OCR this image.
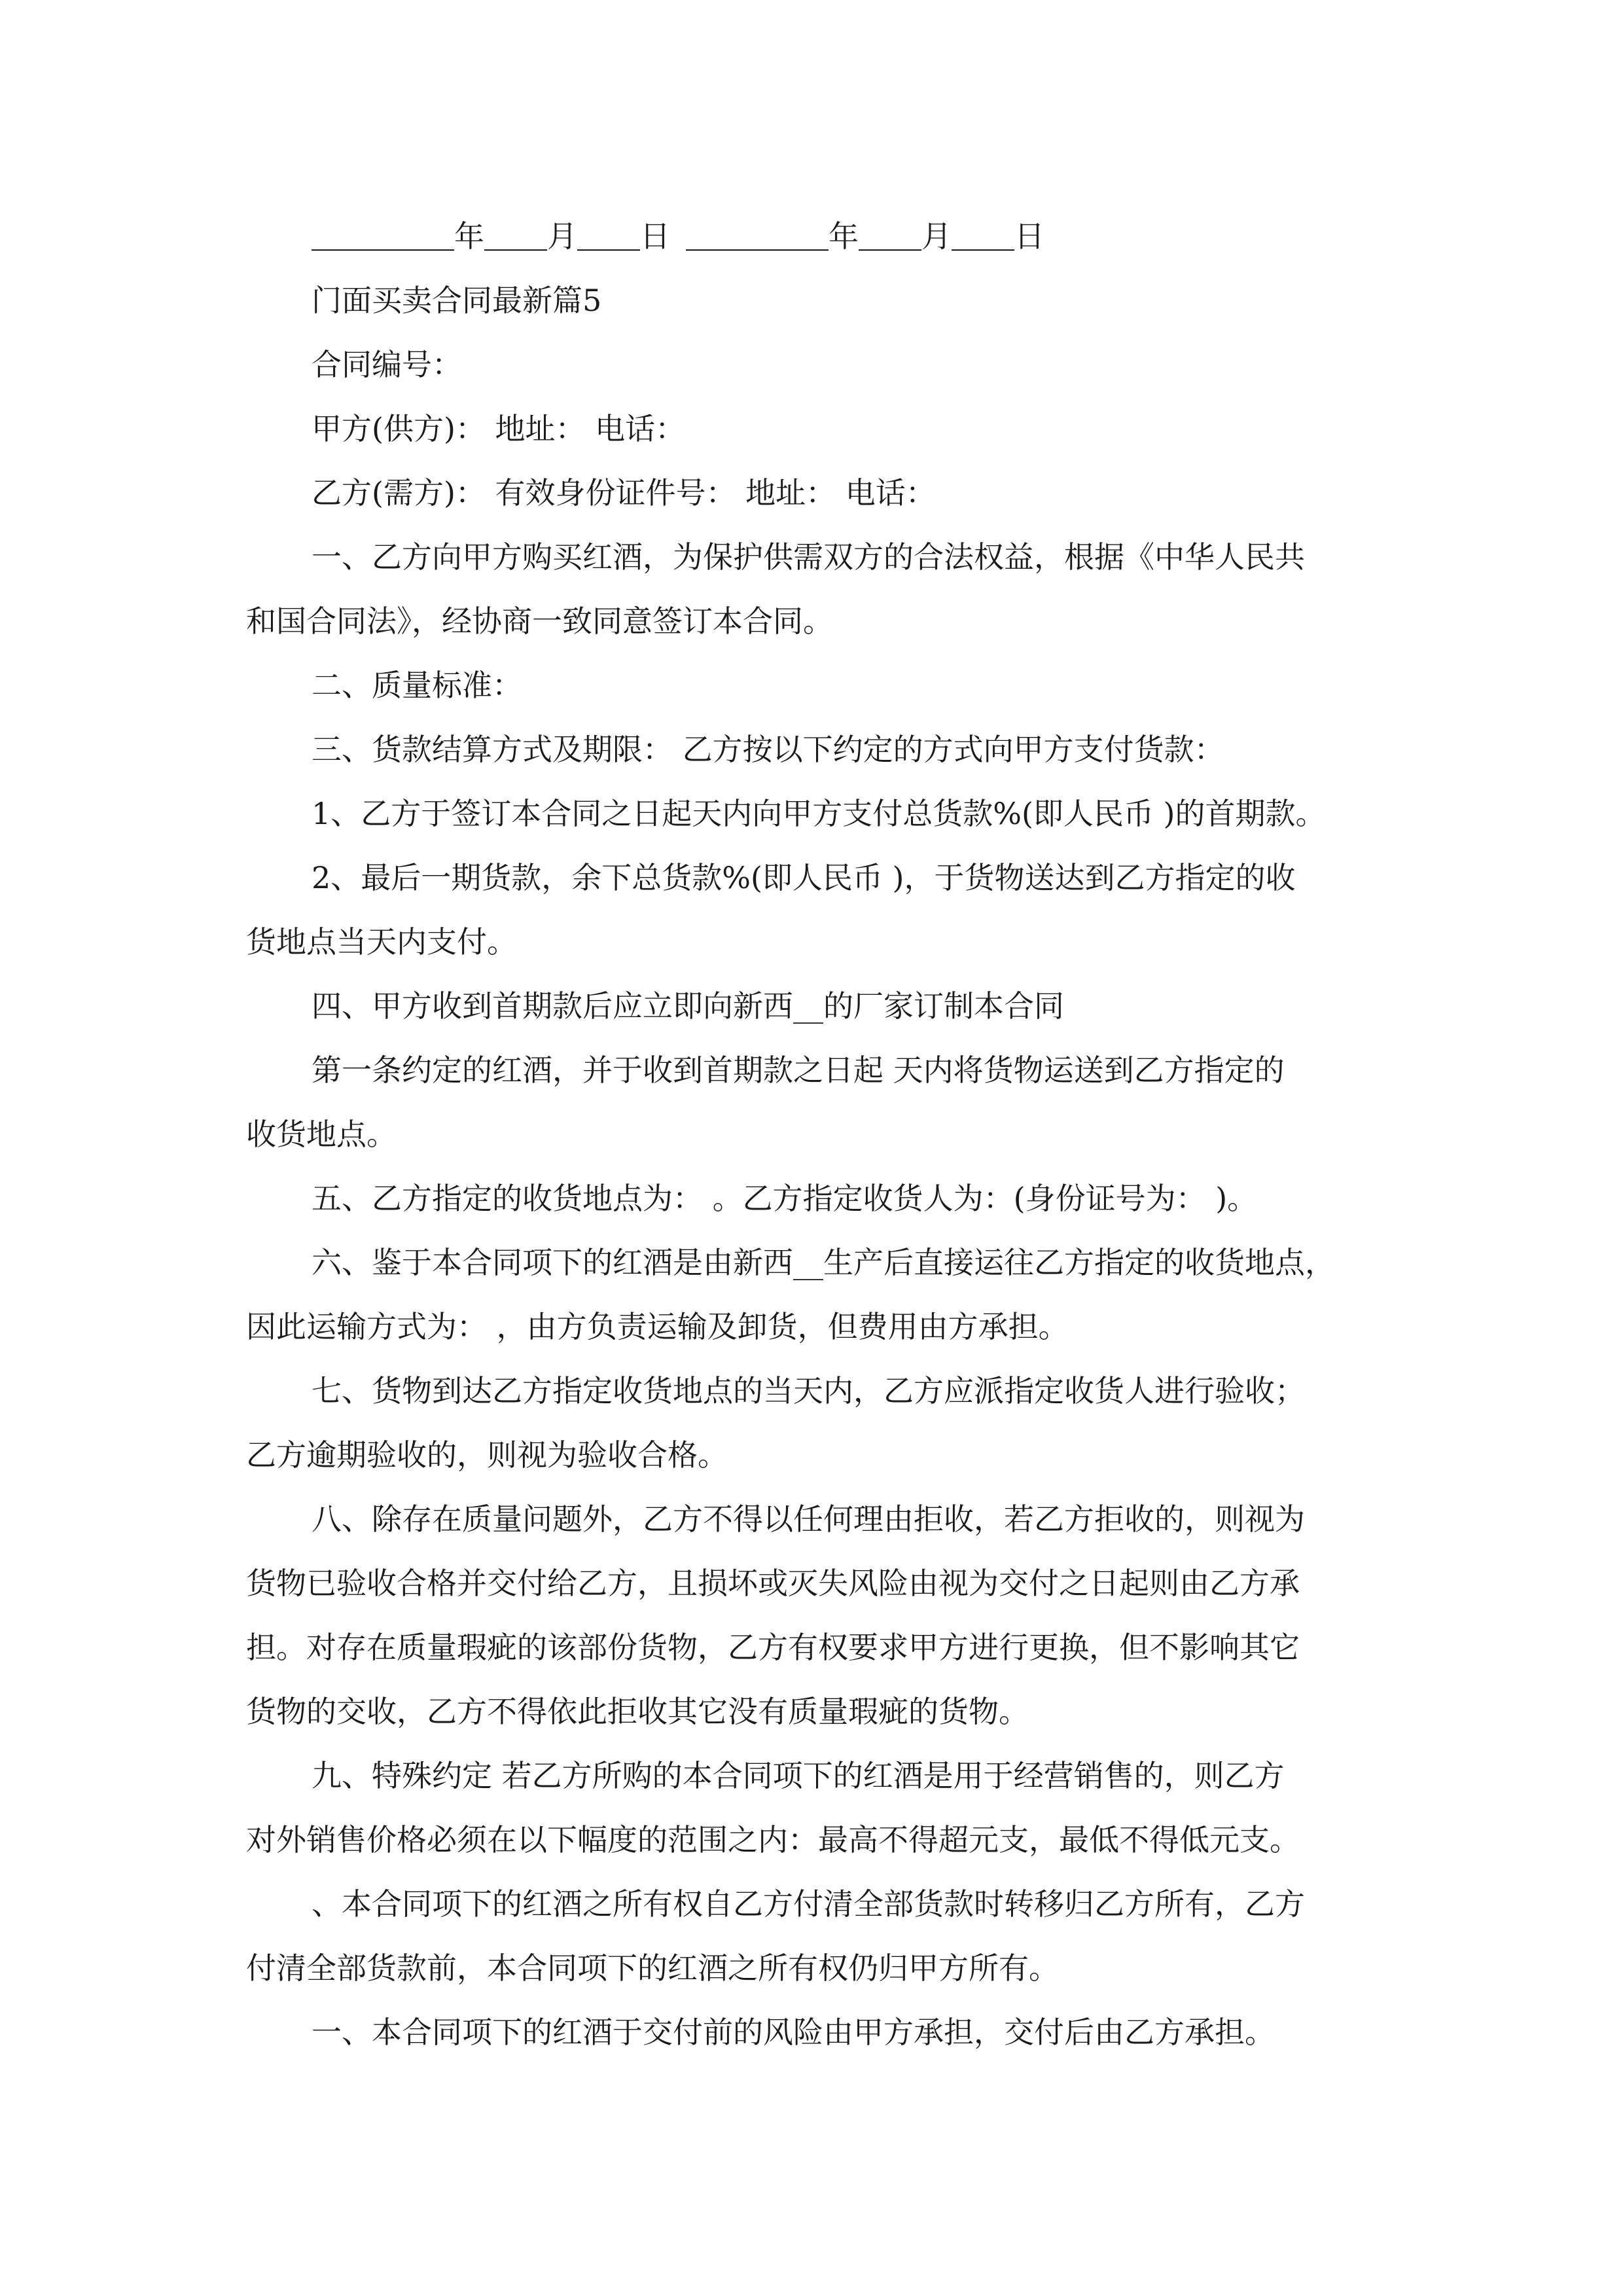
年 月 日	年 月 日
门面买卖合同最新篇5
合同编号：
甲方(供方)： 地址： 电话：
乙方(需方)： 有效身份证件号： 地址： 电话：
一、乙方向甲方购买红酒，为保护供需双方的合法权益，根据《中华人民共
和国合同法》，经协商一致同意签订本合同。
二、质量标准：
三、货款结算方式及期限： 乙方按以下约定的方式向甲方支付货款：
1、乙方于签订本合同之日起天内向甲方支付总货款%(即人民币 )的首期款。
2、最后一期货款，余下总货款%(即人民币 )，于货物送达到乙方指定的收
货地点当天内支付。
四、甲方收到首期款后应立即向新西__的厂家订制本合同
第一条约定的红酒，并于收到首期款之日起 天内将货物运送到乙方指定的
收货地点。
五、乙方指定的收货地点为： 。乙方指定收货人为：(身份证号为： )。
六、鉴于本合同项下的红酒是由新西__生产后直接运往乙方指定的收货地点，
因此运输方式为： ，由方负责运输及卸货，但费用由方承担。
七、货物到达乙方指定收货地点的当天内，乙方应派指定收货人进行验收；
乙方逾期验收的，则视为验收合格。
八、除存在质量问题外，乙方不得以任何理由拒收，若乙方拒收的，则视为
货物已验收合格并交付给乙方，且损坏或灭失风险由视为交付之日起则由乙方承
担。对存在质量瑕疵的该部份货物，乙方有权要求甲方进行更换，但不影响其它
货物的交收，乙方不得依此拒收其它没有质量瑕疵的货物。
九、特殊约定 若乙方所购的本合同项下的红酒是用于经营销售的，则乙方
对外销售价格必须在以下幅度的范围之内：最高不得超元支，最低不得低元支。
、本合同项下的红酒之所有权自乙方付清全部货款时转移归乙方所有，乙方
付清全部货款前，本合同项下的红酒之所有权仍归甲方所有。
一、本合同项下的红酒于交付前的风险由甲方承担，交付后由乙方承担。
